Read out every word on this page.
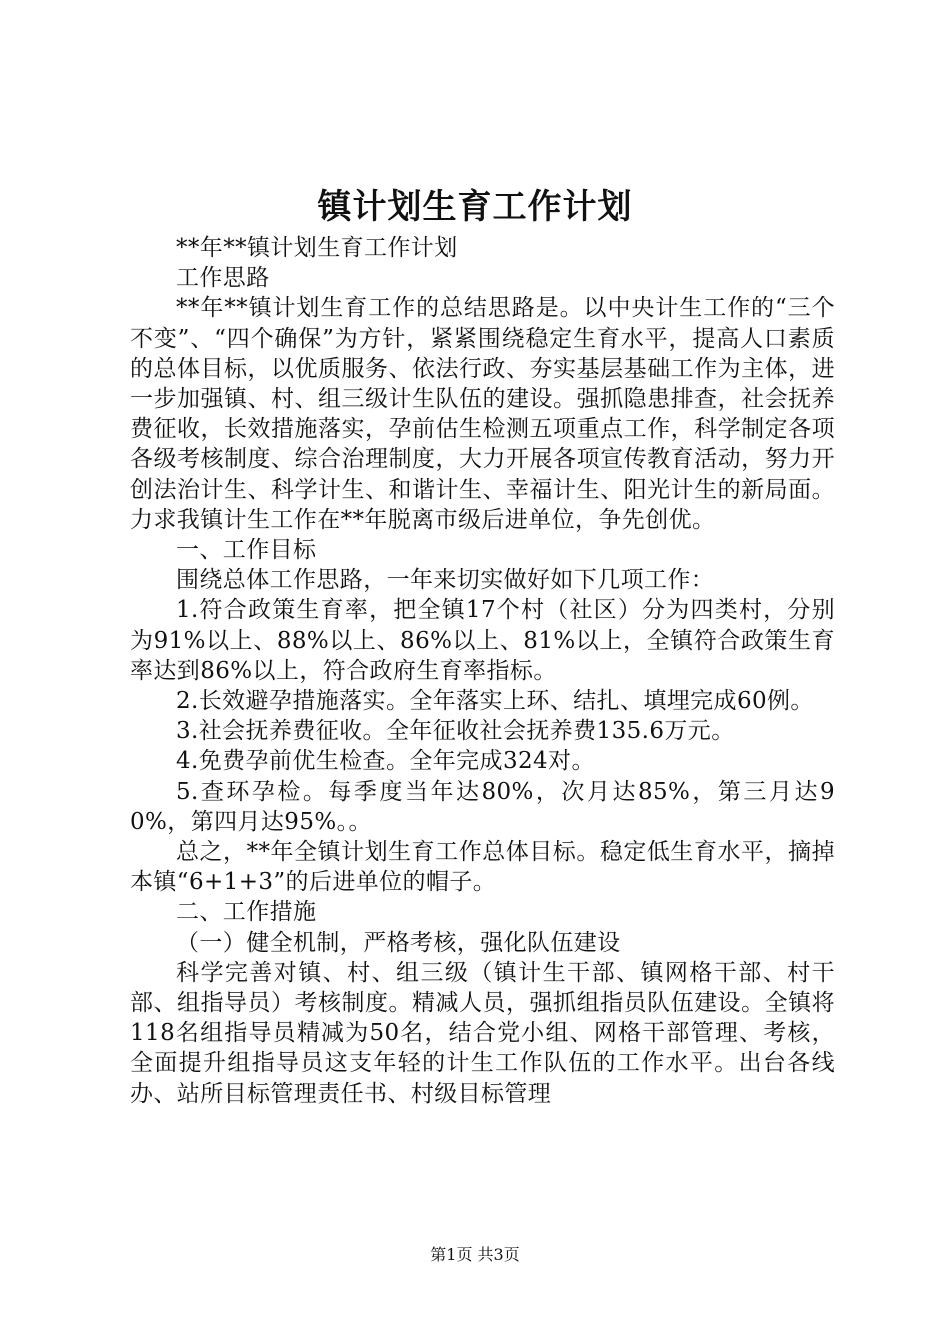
镇计划生育工作计划

**年**镇计划生育工作计划

工作思路

**年**镇计划生育工作的总结思路是。以中央计生工作的“三个不变”、“四个确保”为方针，紧紧围绕稳定生育水平，提高人口素质的总体目标，以优质服务、依法行政、夯实基层基础工作为主体，进一步加强镇、村、组三级计生队伍的建设。强抓隐患排查，社会抚养费征收，长效措施落实，孕前估生检测五项重点工作，科学制定各项各级考核制度、综合治理制度，大力开展各项宣传教育活动，努力开创法治计生、科学计生、和谐计生、幸福计生、阳光计生的新局面。力求我镇计生工作在**年脱离市级后进单位，争先创优。

一、工作目标

围绕总体工作思路，一年来切实做好如下几项工作：

1.符合政策生育率，把全镇17个村（社区）分为四类村，分别为91%以上、88%以上、86%以上、81%以上，全镇符合政策生育率达到86%以上，符合政府生育率指标。

2.长效避孕措施落实。全年落实上环、结扎、填埋完成60例。

3.社会抚养费征收。全年征收社会抚养费135.6万元。

4.免费孕前优生检查。全年完成324对。

5.查环孕检。每季度当年达80%，次月达85%，第三月达90%，第四月达95%。。

总之，**年全镇计划生育工作总体目标。稳定低生育水平，摘掉本镇“6+1+3”的后进单位的帽子。

二、工作措施

（一）健全机制，严格考核，强化队伍建设

科学完善对镇、村、组三级（镇计生干部、镇网格干部、村干部、组指导员）考核制度。精减人员，强抓组指员队伍建设。全镇将118名组指导员精减为50名，结合党小组、网格干部管理、考核，全面提升组指导员这支年轻的计生工作队伍的工作水平。出台各线办、站所目标管理责任书、村级目标管理

第1页 共3页
